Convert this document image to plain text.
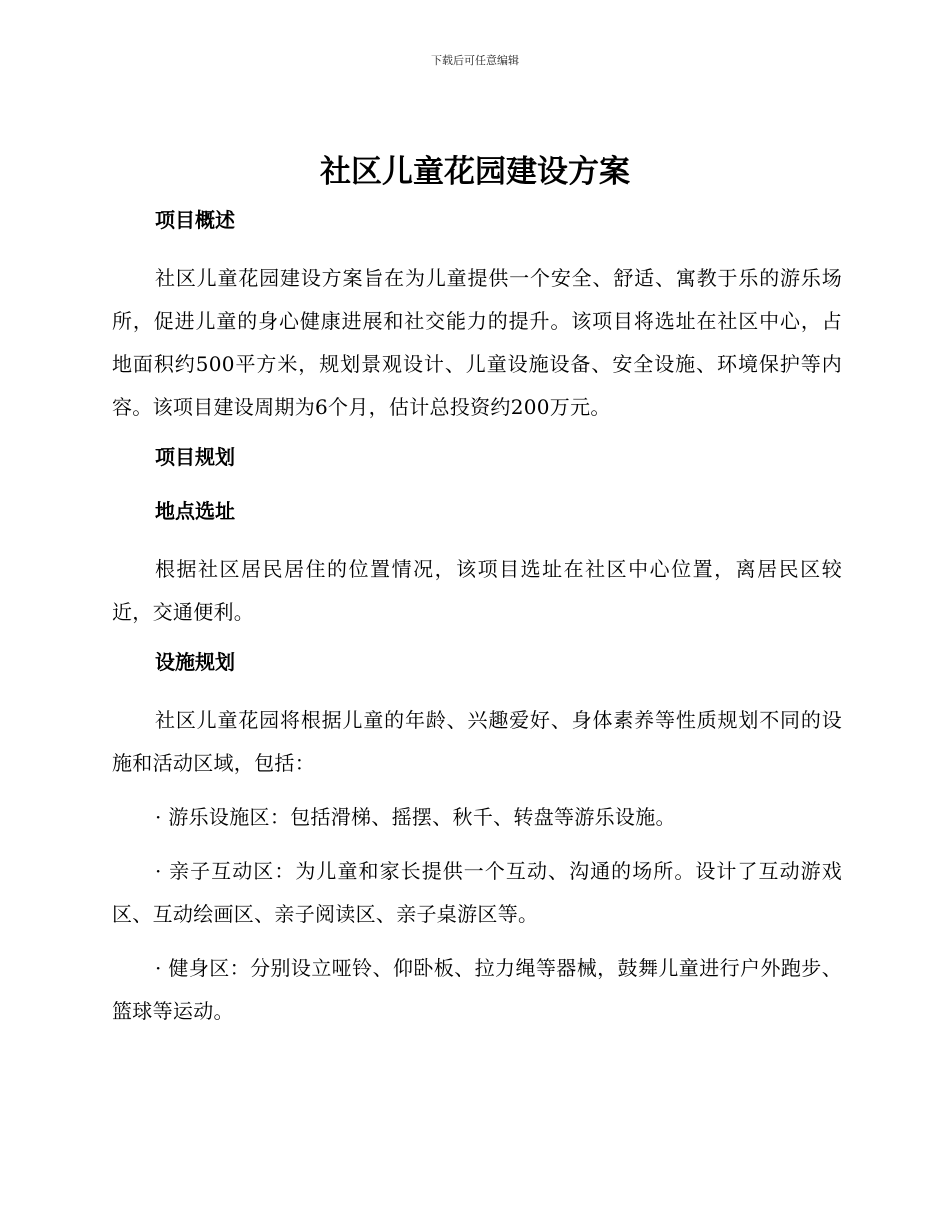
下载后可任意编辑
社区儿童花园建设方案
项目概述

社区儿童花园建设方案旨在为儿童提供一个安全、舒适、寓教于乐的游乐场所，促进儿童的身心健康进展和社交能力的提升。该项目将选址在社区中心，占地面积约500平方米，规划景观设计、儿童设施设备、安全设施、环境保护等内容。该项目建设周期为6个月，估计总投资约200万元。

项目规划
地点选址

根据社区居民居住的位置情况，该项目选址在社区中心位置，离居民区较近，交通便利。

设施规划

社区儿童花园将根据儿童的年龄、兴趣爱好、身体素养等性质规划不同的设施和活动区域，包括：

· 游乐设施区：包括滑梯、摇摆、秋千、转盘等游乐设施。

· 亲子互动区：为儿童和家长提供一个互动、沟通的场所。设计了互动游戏区、互动绘画区、亲子阅读区、亲子桌游区等。

· 健身区：分别设立哑铃、仰卧板、拉力绳等器械，鼓舞儿童进行户外跑步、篮球等运动。
